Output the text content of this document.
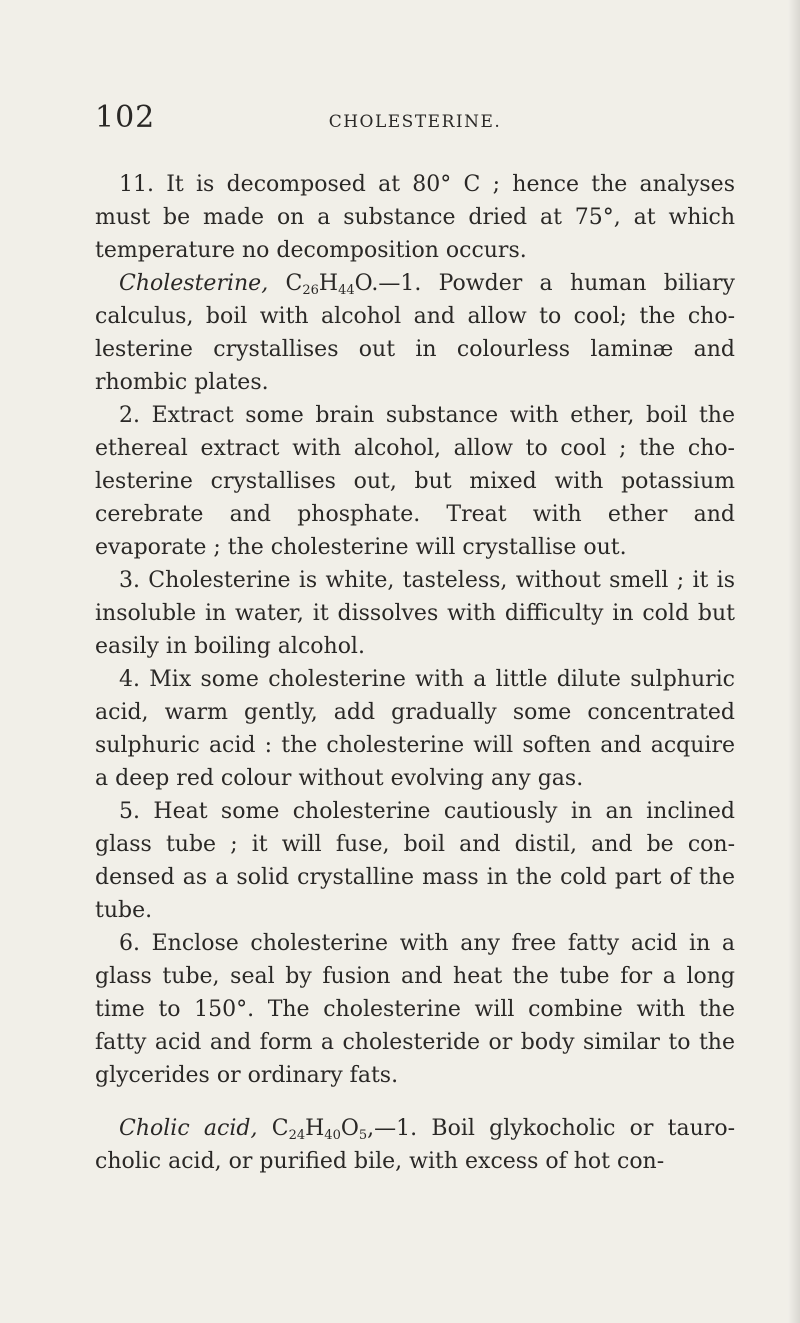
102	CHOLESTERINE.

11. It is decomposed at 80° C ; hence the analyses must be made on a substance dried at 75°, at which temperature no decomposition occurs.

Cholesterine, $C_{26}H_{44}O.—1$. Powder a human biliary calculus, boil with alcohol and allow to cool; the cho-lesterine crystallises out in colourless laminæ and rhombic plates.

2. Extract some brain substance with ether, boil the ethereal extract with alcohol, allow to cool ; the cho-lesterine crystallises out, but mixed with potassium cerebrate and phosphate. Treat with ether and evaporate ; the cholesterine will crystallise out.

3. Cholesterine is white, tasteless, without smell ; it is insoluble in water, it dissolves with difficulty in cold but easily in boiling alcohol.

4. Mix some cholesterine with a little dilute sulphuric acid, warm gently, add gradually some concentrated sulphuric acid : the cholesterine will soften and acquire a deep red colour without evolving any gas.

5. Heat some cholesterine cautiously in an inclined glass tube ; it will fuse, boil and distil, and be con-densed as a solid crystalline mass in the cold part of the tube.

6. Enclose cholesterine with any free fatty acid in a glass tube, seal by fusion and heat the tube for a long time to 150°. The cholesterine will combine with the fatty acid and form a cholesteride or body similar to the glycerides or ordinary fats.

Cholic acid, $C_{24}H_{40}O_5,—1$. Boil glykocholic or tauro-cholic acid, or purified bile, with excess of hot con-
